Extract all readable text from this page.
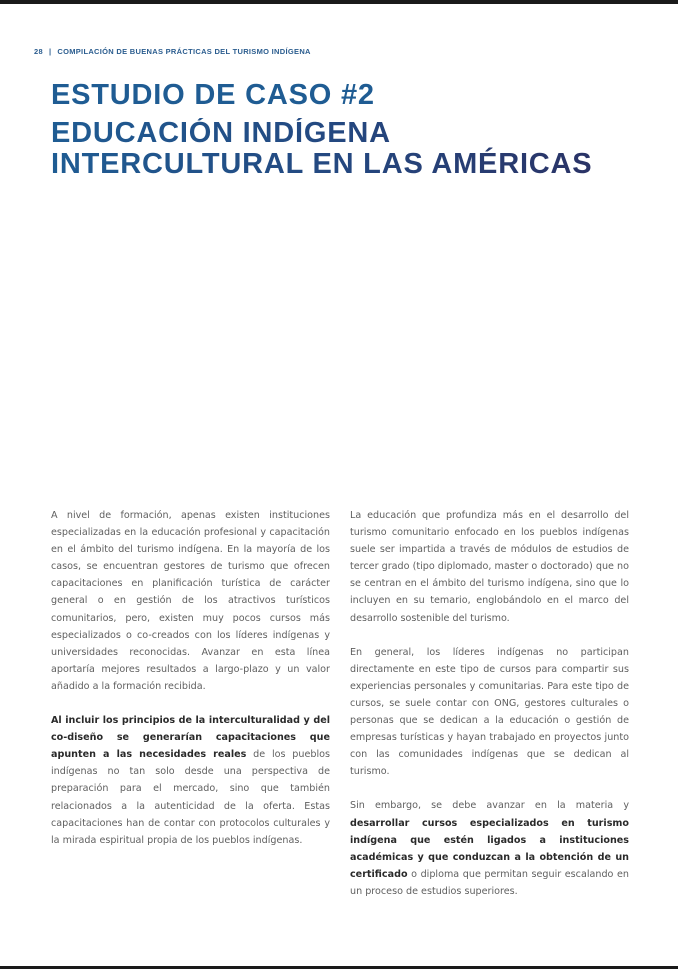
28 | COMPILACIÓN DE BUENAS PRÁCTICAS DEL TURISMO INDÍGENA
ESTUDIO DE CASO #2
EDUCACIÓN INDÍGENA
INTERCULTURAL EN LAS AMÉRICAS

A nivel de formación, apenas existen instituciones especializadas en la educación profesional y capacitación en el ámbito del turismo indígena. En la mayoría de los casos, se encuentran gestores de turismo que ofrecen capacitaciones en planificación turística de carácter general o en gestión de los atractivos turísticos comunitarios, pero, existen muy pocos cursos más especializados o co-creados con los líderes indígenas y universidades reconocidas. Avanzar en esta línea aportaría mejores resultados a largo-plazo y un valor añadido a la formación recibida.

Al incluir los principios de la interculturalidad y del co-diseño se generarían capacitaciones que apunten a las necesidades reales de los pueblos indígenas no tan solo desde una perspectiva de preparación para el mercado, sino que también relacionados a la autenticidad de la oferta. Estas capacitaciones han de contar con protocolos culturales y la mirada espiritual propia de los pueblos indígenas.

La educación que profundiza más en el desarrollo del turismo comunitario enfocado en los pueblos indígenas suele ser impartida a través de módulos de estudios de tercer grado (tipo diplomado, master o doctorado) que no se centran en el ámbito del turismo indígena, sino que lo incluyen en su temario, englobándolo en el marco del desarrollo sostenible del turismo.

En general, los líderes indígenas no participan directamente en este tipo de cursos para compartir sus experiencias personales y comunitarias. Para este tipo de cursos, se suele contar con ONG, gestores culturales o personas que se dedican a la educación o gestión de empresas turísticas y hayan trabajado en proyectos junto con las comunidades indígenas que se dedican al turismo.

Sin embargo, se debe avanzar en la materia y desarrollar cursos especializados en turismo indígena que estén ligados a instituciones académicas y que conduzcan a la obtención de un certificado o diploma que permitan seguir escalando en un proceso de estudios superiores.
